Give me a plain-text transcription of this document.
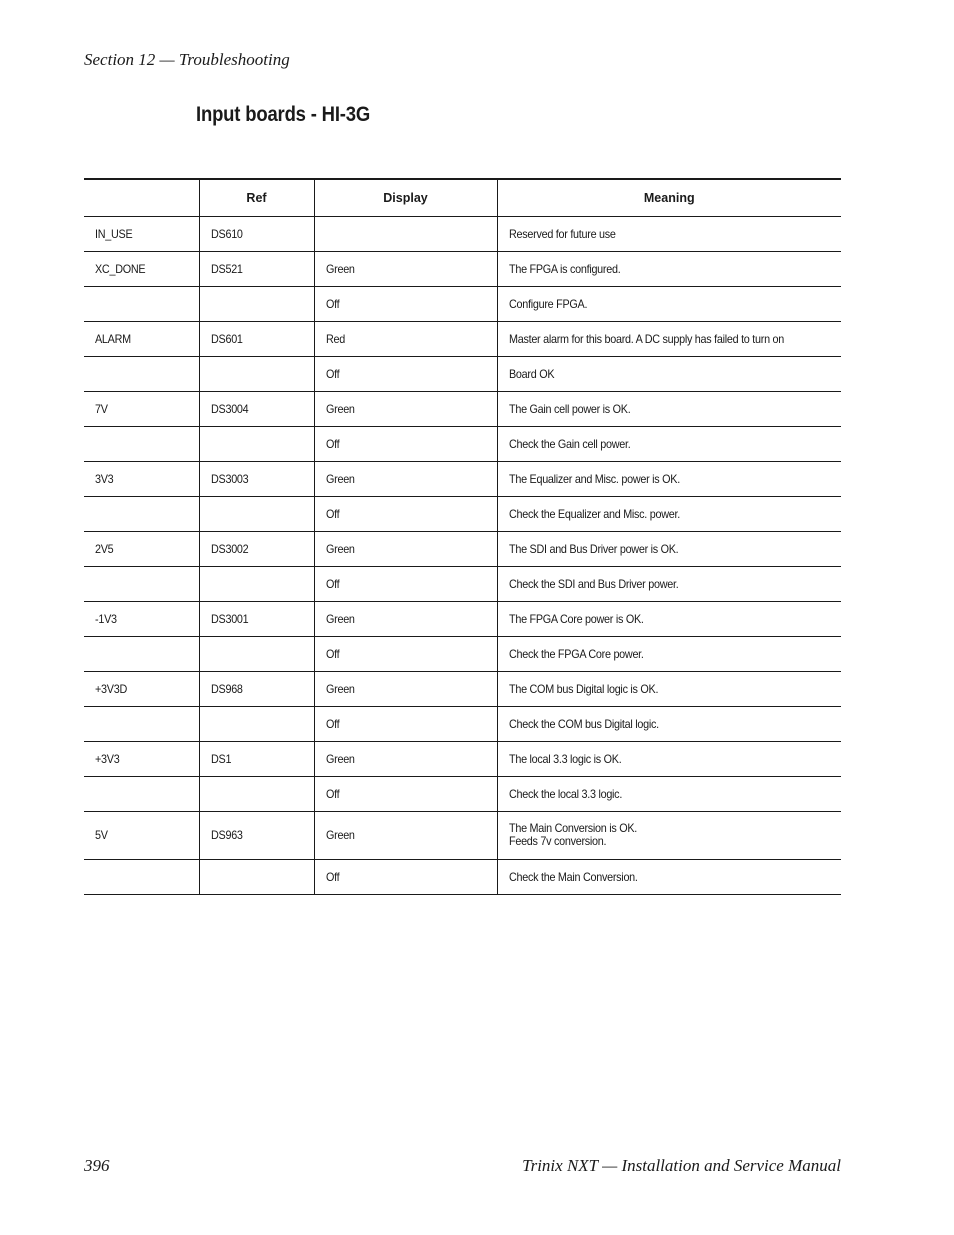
Section 12 — Troubleshooting
Input boards - HI-3G
	Ref	Display	Meaning
IN_USE	DS610		Reserved for future use
XC_DONE	DS521	Green	The FPGA is configured.
		Off	Configure FPGA.
ALARM	DS601	Red	Master alarm for this board. A DC supply has failed to turn on
		Off	Board OK
7V	DS3004	Green	The Gain cell power is OK.
		Off	Check the Gain cell power.
3V3	DS3003	Green	The Equalizer and Misc. power is OK.
		Off	Check the Equalizer and Misc. power.
2V5	DS3002	Green	The SDI and Bus Driver power is OK.
		Off	Check the SDI and Bus Driver power.
-1V3	DS3001	Green	The FPGA Core power is OK.
		Off	Check the FPGA Core power.
+3V3D	DS968	Green	The COM bus Digital logic is OK.
		Off	Check the COM bus Digital logic.
+3V3	DS1	Green	The local 3.3 logic is OK.
		Off	Check the local 3.3 logic.
5V	DS963	Green	The Main Conversion is OK.
Feeds 7v conversion.

		Off	Check the Main Conversion.
396	Trinix NXT — Installation and Service Manual
